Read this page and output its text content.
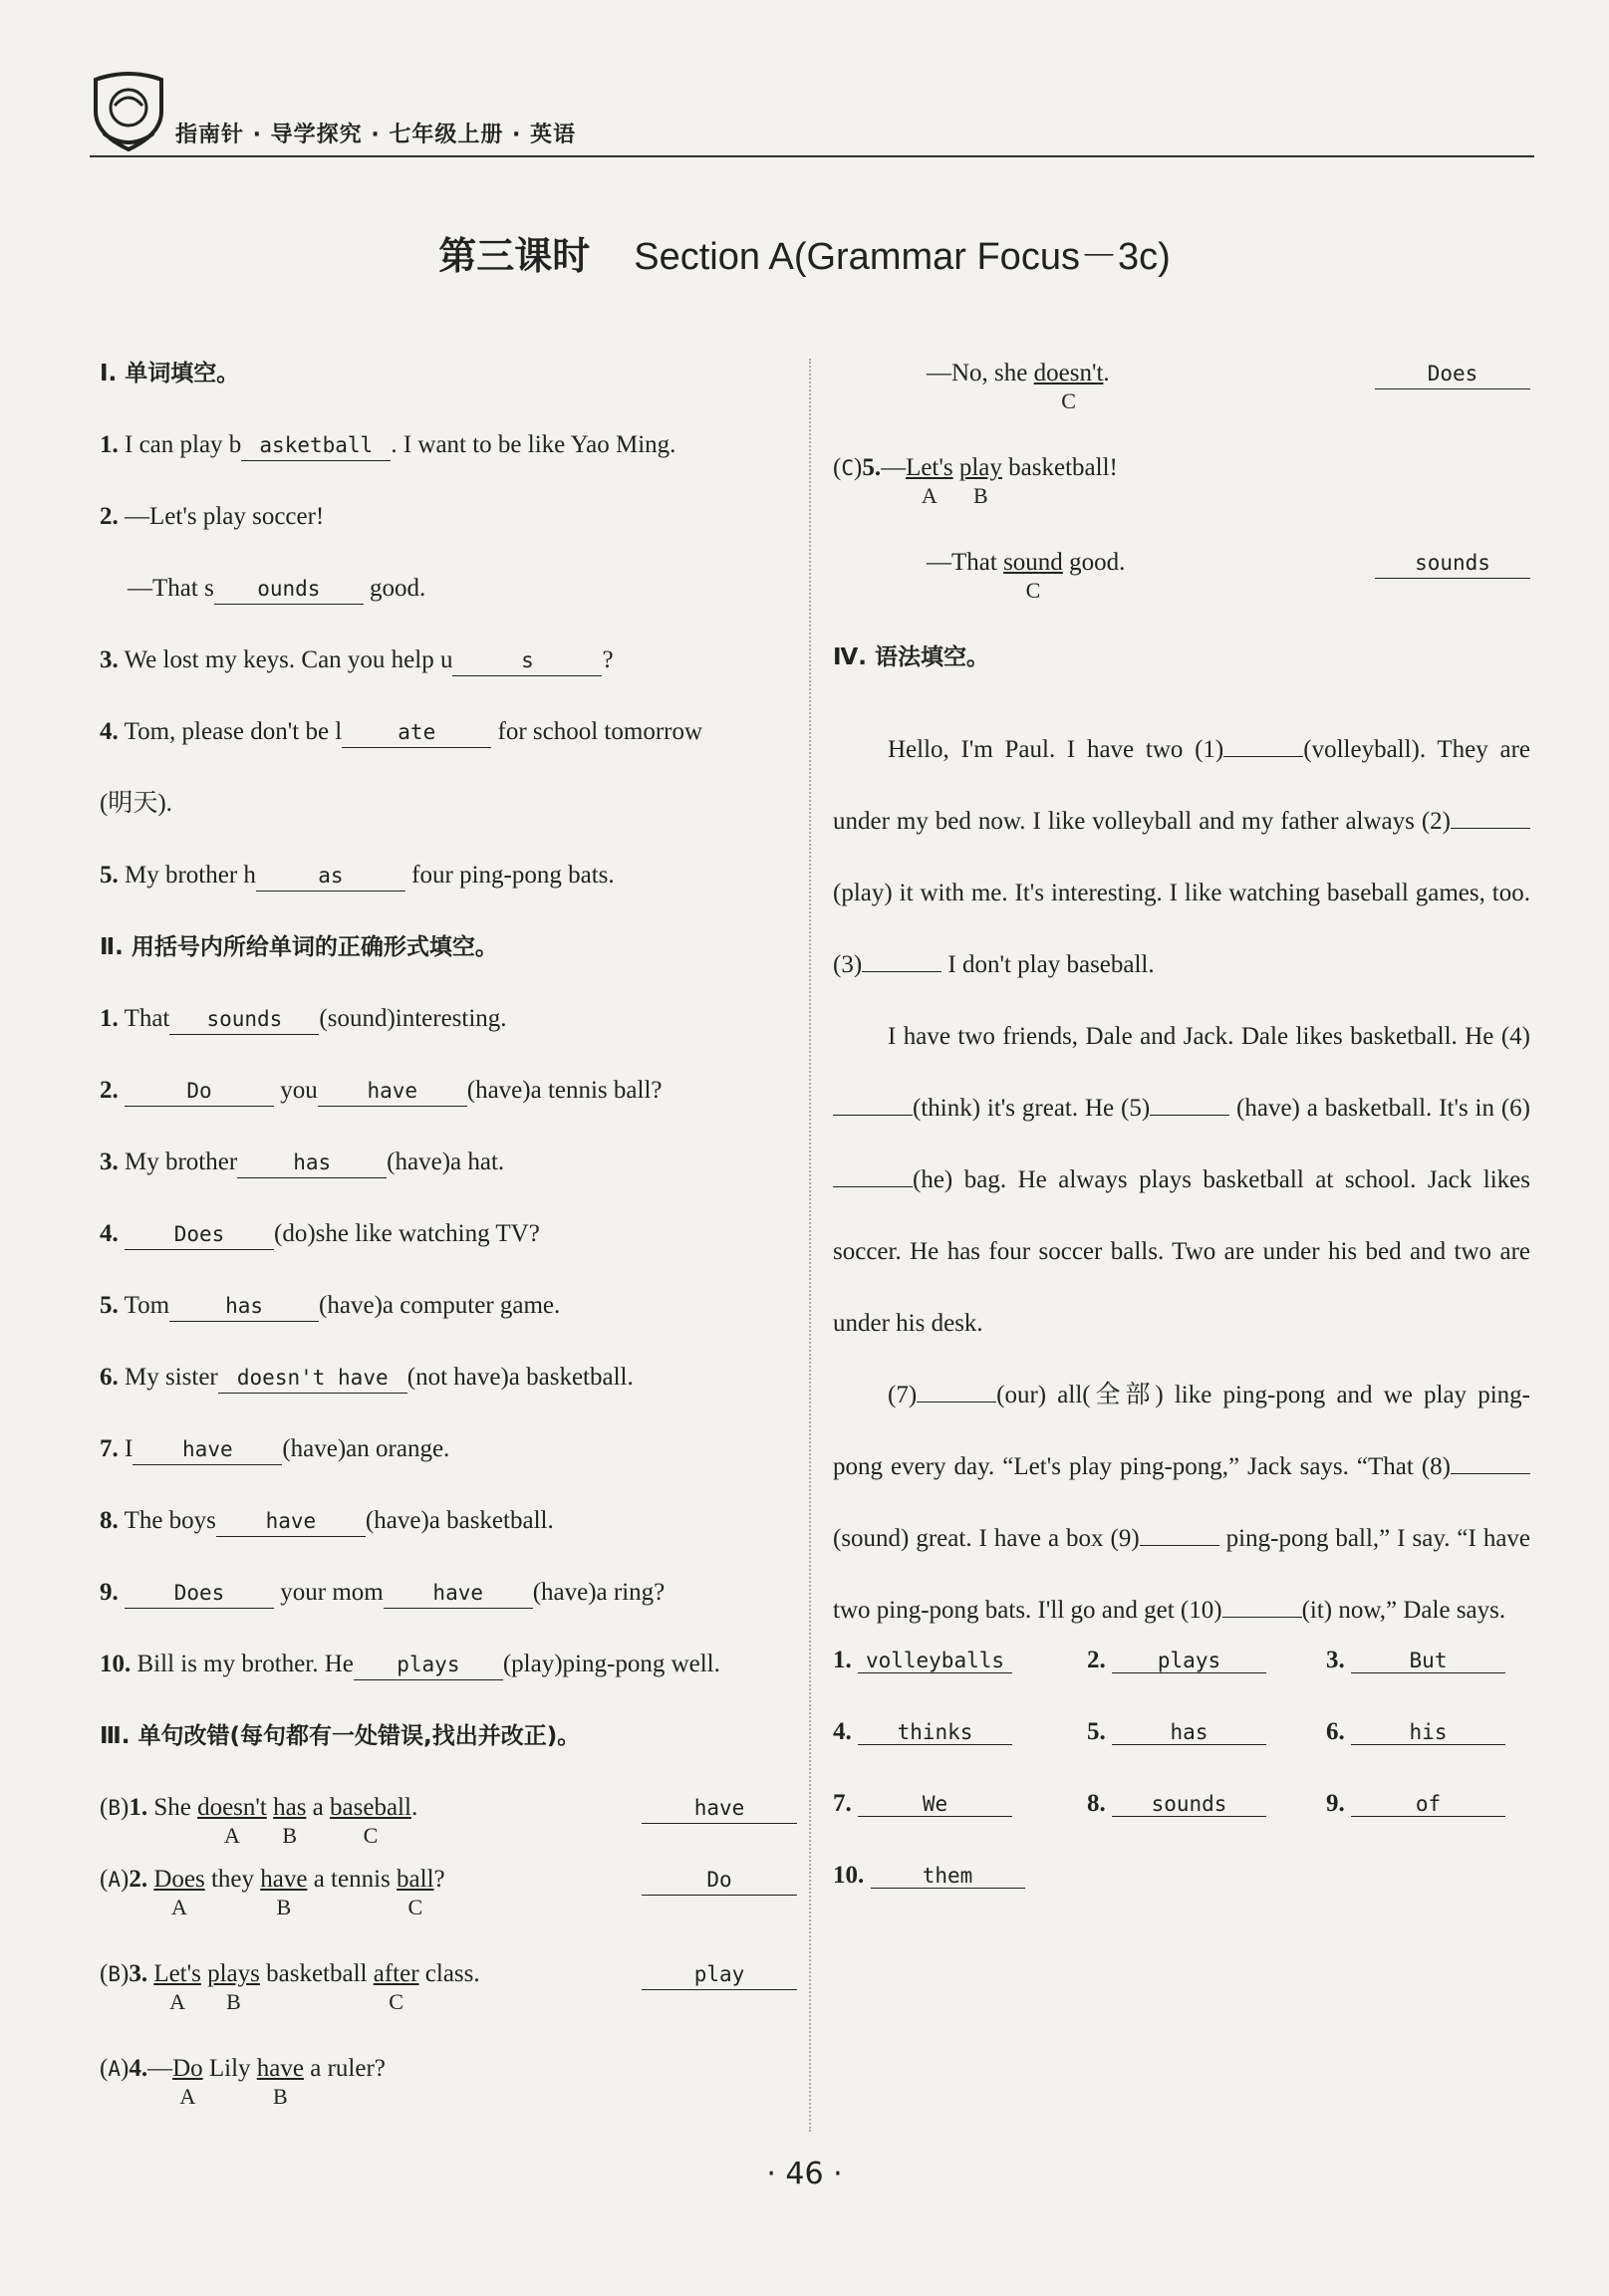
指南针 · 导学探究 · 七年级上册 · 英语
第三课时 Section A(Grammar Focus－3c)
Ⅰ. 单词填空。
1. I can play b asketball . I want to be like Yao Ming.
2. —Let's play soccer!
—That s ounds good.
3. We lost my keys. Can you help u	s	?
4. Tom, please don't be l	ate for school tomorrow
(明天).
5. My brother h	as	four ping-pong bats.
Ⅱ. 用括号内所给单词的正确形式填空。
1. That sounds (sound)interesting.
2.	Do	you have (have)a tennis ball?
3. My brother	has (have)a hat.
4.	Does (do)she like watching TV?
5. Tom	has (have)a computer game.
6. My sister doesn't have (not have)a basketball.
7. I have (have)an orange.
8. The boys have (have)a basketball.
9.	Does your mom have (have)a ring?
10. Bill is my brother. He plays (play)ping-pong well.
Ⅲ. 单句改错(每句都有一处错误,找出并改正)。
(B)1. She doesn't
A
has
B
a baseball
C
.	have
(A)2. Does
A
they have
B
a tennis ball
C
?	Do
(B)3. Let's
A
plays
B
basketball after
C
class.	play
$(A)4.—\frac{Do}{A}$ Lily have
B
a ruler?
—No, she doesn't
C
.	Does
(C)5.—Let's
A
play
B
basketball!
—That sound
C
good.	sounds
Ⅳ. 语法填空。

Hello, I'm Paul. I have two (1)	(volleyball). They are under my bed now. I like volleyball and my father always (2)(play) it with me. It's interesting. I like watching baseball games, too. (3)	I don't play baseball.

I have two friends, Dale and Jack. Dale likes basketball. He (4)(think) it's great. He (5)	(have) a basketball. It's in (6)(he) bag. He always plays basketball at school. Jack likes soccer. He has four soccer balls. Two are under his bed and two are under his desk.

(7)	(our) all(全部) like ping-pong and we play ping-pong every day. “Let's play ping-pong,” Jack says. “That (8)(sound) great. I have a box (9)	ping-pong ball,” I say. “I have two ping-pong bats. I'll go and get (10)	(it) now,” Dale says.

1. volleyballs	2. plays	3.	But
4. thinks	5.	has	6.	his
7.	We	8. sounds	9.	of
10.	them
· 46 ·
